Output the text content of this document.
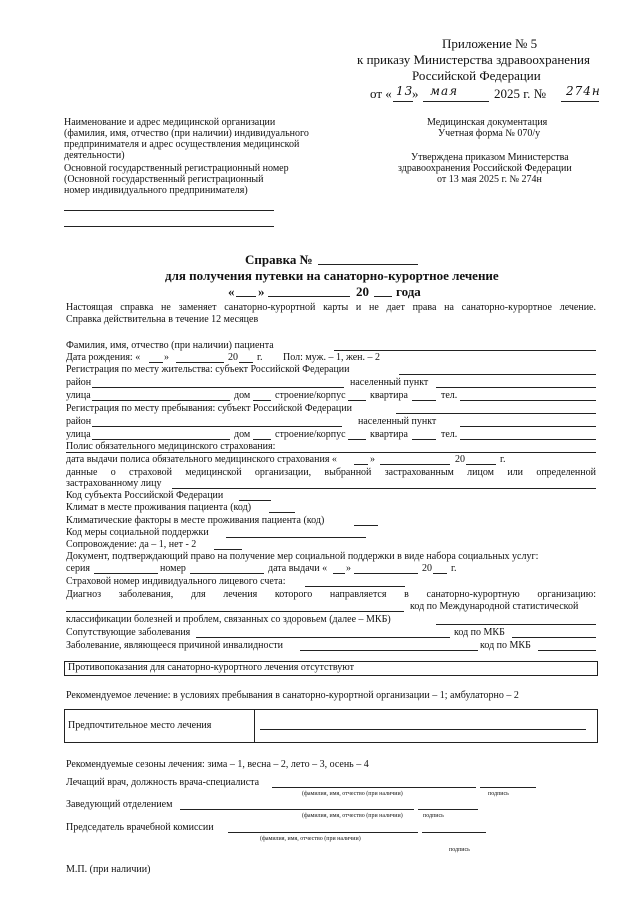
Приложение № 5
к приказу Министерства здравоохранения
Российской Федерации
от « 13
» мая	2025 г. № 274н
Наименование и адрес медицинской организации
(фамилия, имя, отчество (при наличии) индивидуального
предпринимателя и адрес осуществления медицинской
деятельности)
Основной государственный регистрационный номер
(Основной государственный регистрационный
номер индивидуального предпринимателя)
Медицинская документация
Учетная форма № 070/у
Утверждена приказом Министерства
здравоохранения Российской Федерации
от 13 мая 2025 г. № 274н
Справка №
для получения путевки на санаторно-курортное лечение
« »	20 года
Настоящая справка не заменяет санаторно-курортной карты и не дает права на санаторно-курортное лечение.
Справка действительна в течение 12 месяцев
Фамилия, имя, отчество (при наличии) пациента
Дата рождения: « »	20 г. Пол: муж. – 1, жен. – 2
Регистрация по месту жительства: субъект Российской Федерации
район	населенный пункт
улица	дом строение/корпус квартира	тел.
Регистрация по месту пребывания: субъект Российской Федерации
район	населенный пункт
улица	дом строение/корпус квартира	тел.
Полис обязательного медицинского страхования:
дата выдачи полиса обязательного медицинского страхования «	»	20	г.
данные о страховой медицинской организации, выбранной застрахованным лицом или определенной
застрахованному лицу
Код субъекта Российской Федерации
Климат в месте проживания пациента (код)
Климатические факторы в месте проживания пациента (код)
Код меры социальной поддержки
Сопровождение: да – 1, нет - 2
Документ, подтверждающий право на получение мер социальной поддержки в виде набора социальных услуг:
серия	номер	дата выдачи « »	20 г.
Страховой номер индивидуального лицевого счета:
Диагноз заболевания, для лечения которого направляется в санаторно-курортную организацию:
код по Международной статистической
классификации болезней и проблем, связанных со здоровьем (далее – МКБ)
Сопутствующие заболевания	код по МКБ
Заболевание, являющееся причиной инвалидности	код по МКБ
Противопоказания для санаторно-курортного лечения отсутствуют
Рекомендуемое лечение: в условиях пребывания в санаторно-курортной организации – 1; амбулаторно – 2
Предпочтительное место лечения
Рекомендуемые сезоны лечения: зима – 1, весна – 2, лето – 3, осень – 4
Лечащий врач, должность врача-специалиста
(фамилия, имя, отчество (при наличии)	подпись
Заведующий отделением
(фамилия, имя, отчество (при наличии)	подпись
Председатель врачебной комиссии
(фамилия, имя, отчество (при наличии)
подпись
М.П. (при наличии)
